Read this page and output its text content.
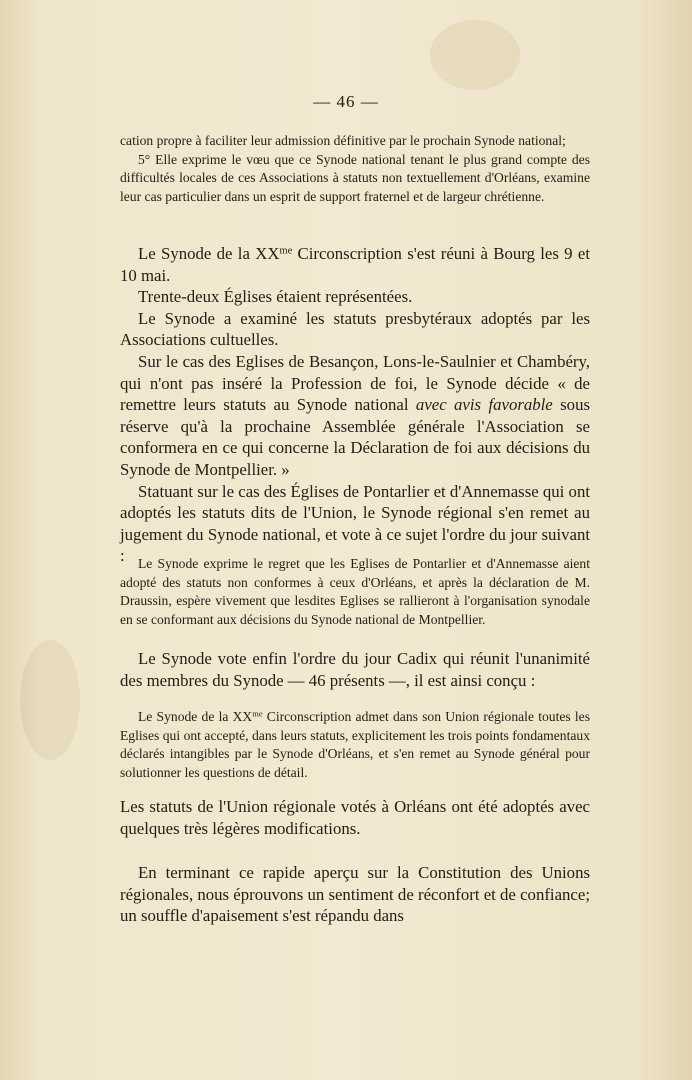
— 46 —

cation propre à faciliter leur admission définitive par le prochain Synode national;

5° Elle exprime le vœu que ce Synode national tenant le plus grand compte des difficultés locales de ces Associations à statuts non textuellement d'Orléans, examine leur cas particulier dans un esprit de support fraternel et de largeur chrétienne.

Le Synode de la $XX^{me}$ Circonscription s'est réuni à Bourg les 9 et 10 mai.

Trente-deux Églises étaient représentées.

Le Synode a examiné les statuts presbytéraux adoptés par les Associations cultuelles.

Sur le cas des Eglises de Besançon, Lons-le-Saulnier et Chambéry, qui n'ont pas inséré la Profession de foi, le Synode décide « de remettre leurs statuts au Synode national avec avis favorable sous réserve qu'à la prochaine Assemblée générale l'Association se conformera en ce qui concerne la Déclaration de foi aux décisions du Synode de Montpellier. »

Statuant sur le cas des Églises de Pontarlier et d'Annemasse qui ont adoptés les statuts dits de l'Union, le Synode régional s'en remet au jugement du Synode national, et vote à ce sujet l'ordre du jour suivant : Le Synode exprime le regret que les Eglises de Pontarlier et d'Annemasse aient adopté des statuts non conformes à ceux d'Orléans, et après la déclaration de M. Draussin, espère vivement que lesdites Eglises se rallieront à l'organisation synodale en se conformant aux décisions du Synode national de Montpellier.

Le Synode vote enfin l'ordre du jour Cadix qui réunit l'unanimité des membres du Synode — 46 présents —, il est ainsi conçu :

Le Synode de la $XX^{me}$ Circonscription admet dans son Union régionale toutes les Eglises qui ont accepté, dans leurs statuts, explicitement les trois points fondamentaux déclarés intangibles par le Synode d'Orléans, et s'en remet au Synode général pour solutionner les questions de détail.

Les statuts de l'Union régionale votés à Orléans ont été adoptés avec quelques très légères modifications.

En terminant ce rapide aperçu sur la Constitution des Unions régionales, nous éprouvons un sentiment de réconfort et de confiance; un souffle d'apaisement s'est répandu dans
